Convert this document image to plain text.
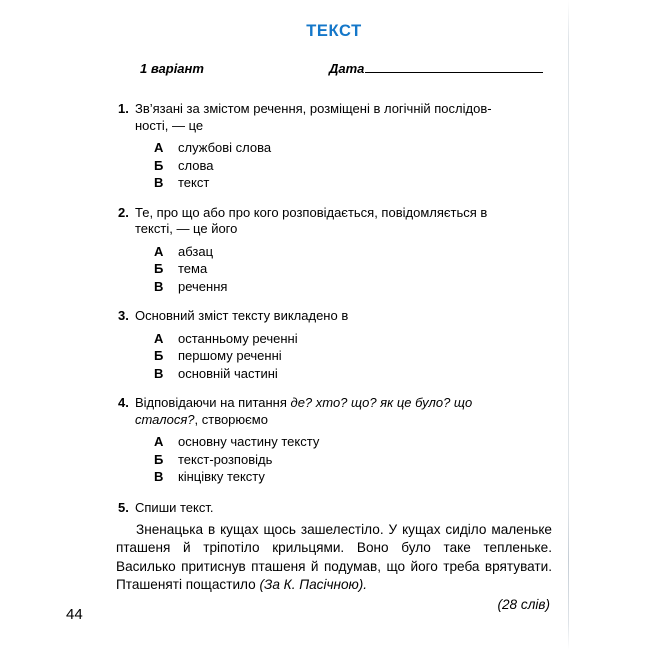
ТЕКСТ
1 варіант	Дата
1. Зв’язані за змістом речення, розміщені в логічній послідов-
ності, — це
А	службові слова
Б	слова
В	текст
2. Те, про що або про кого розповідається, повідомляється в
тексті, — це його
А	абзац
Б	тема
В	речення
3. Основний зміст тексту викладено в
А	останньому реченні
Б	першому реченні
В	основній частині
4. Відповідаючи на питання де? хто? що? як це було? що
сталося?, створюємо
А	основну частину тексту
Б	текст-розповідь
В	кінцівку тексту
5. Спиши текст.

Зненацька в кущах щось зашелестіло. У кущах сиділо маленьке пташеня й тріпотіло крильцями. Воно було таке тепленьке. Василько притиснув пташеня й подумав, що його треба врятувати. Пташеняті пощастило (За К. Пасічною).

(28 слів)
44
